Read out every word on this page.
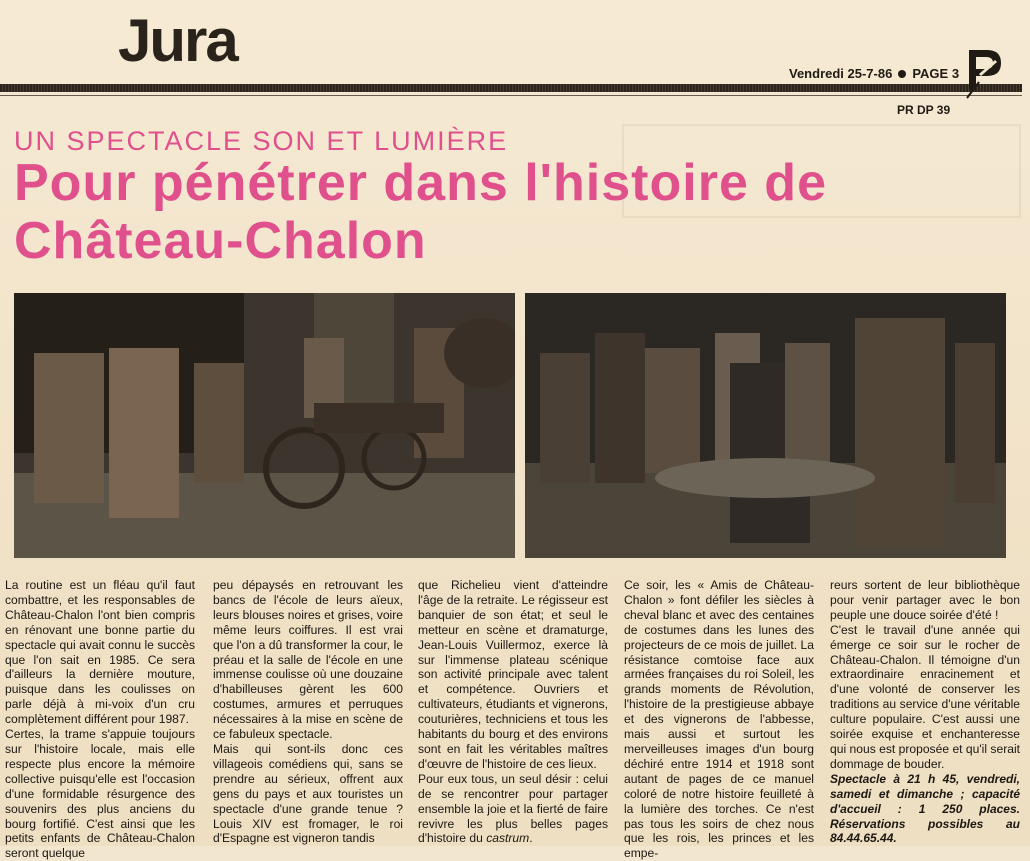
Jura	Vendredi 25-7-86 PAGE 3
PR DP 39
UN SPECTACLE SON ET LUMIÈRE
Pour pénétrer dans l'histoire de Château-Chalon

La routine est un fléau qu'il faut combattre, et les responsables de Château-Chalon l'ont bien compris en rénovant une bonne partie du spectacle qui avait connu le succès que l'on sait en 1985. Ce sera d'ailleurs la dernière mouture, puisque dans les coulisses on parle déjà à mi-voix d'un cru complètement différent pour 1987.

Certes, la trame s'appuie toujours sur l'histoire locale, mais elle respecte plus encore la mémoire collective puisqu'elle est l'occasion d'une formidable résurgence des souvenirs des plus anciens du bourg fortifié. C'est ainsi que les petits enfants de Château-Chalon seront quelque

peu dépaysés en retrouvant les bancs de l'école de leurs aïeux, leurs blouses noires et grises, voire même leurs coiffures. Il est vrai que l'on a dû transformer la cour, le préau et la salle de l'école en une immense coulisse où une douzaine d'habilleuses gèrent les 600 costumes, armures et perruques nécessaires à la mise en scène de ce fabuleux spectacle.

Mais qui sont-ils donc ces villageois comédiens qui, sans se prendre au sérieux, offrent aux gens du pays et aux touristes un spectacle d'une grande tenue ? Louis XIV est fromager, le roi d'Espagne est vigneron tandis

que Richelieu vient d'atteindre l'âge de la retraite. Le régisseur est banquier de son état; et seul le metteur en scène et dramaturge, Jean-Louis Vuillermoz, exerce là sur l'immense plateau scénique son activité principale avec talent et compétence. Ouvriers et cultivateurs, étudiants et vignerons, couturières, techniciens et tous les habitants du bourg et des environs sont en fait les véritables maîtres d'œuvre de l'histoire de ces lieux.

Pour eux tous, un seul désir : celui de se rencontrer pour partager ensemble la joie et la fierté de faire revivre les plus belles pages d'histoire du castrum.

Ce soir, les « Amis de Château-Chalon » font défiler les siècles à cheval blanc et avec des centaines de costumes dans les lunes des projecteurs de ce mois de juillet. La résistance comtoise face aux armées françaises du roi Soleil, les grands moments de Révolution, l'histoire de la prestigieuse abbaye et des vignerons de l'abbesse, mais aussi et surtout les merveilleuses images d'un bourg déchiré entre 1914 et 1918 sont autant de pages de ce manuel coloré de notre histoire feuilleté à la lumière des torches. Ce n'est pas tous les soirs de chez nous que les rois, les princes et les empe-

reurs sortent de leur bibliothèque pour venir partager avec le bon peuple une douce soirée d'été !

C'est le travail d'une année qui émerge ce soir sur le rocher de Château-Chalon. Il témoigne d'un extraordinaire enracinement et d'une volonté de conserver les traditions au service d'une véritable culture populaire. C'est aussi une soirée exquise et enchanteresse qui nous est proposée et qu'il serait dommage de bouder.

Spectacle à 21 h 45, vendredi, samedi et dimanche ; capacité d'accueil : 1 250 places. Réservations possibles au 84.44.65.44.
